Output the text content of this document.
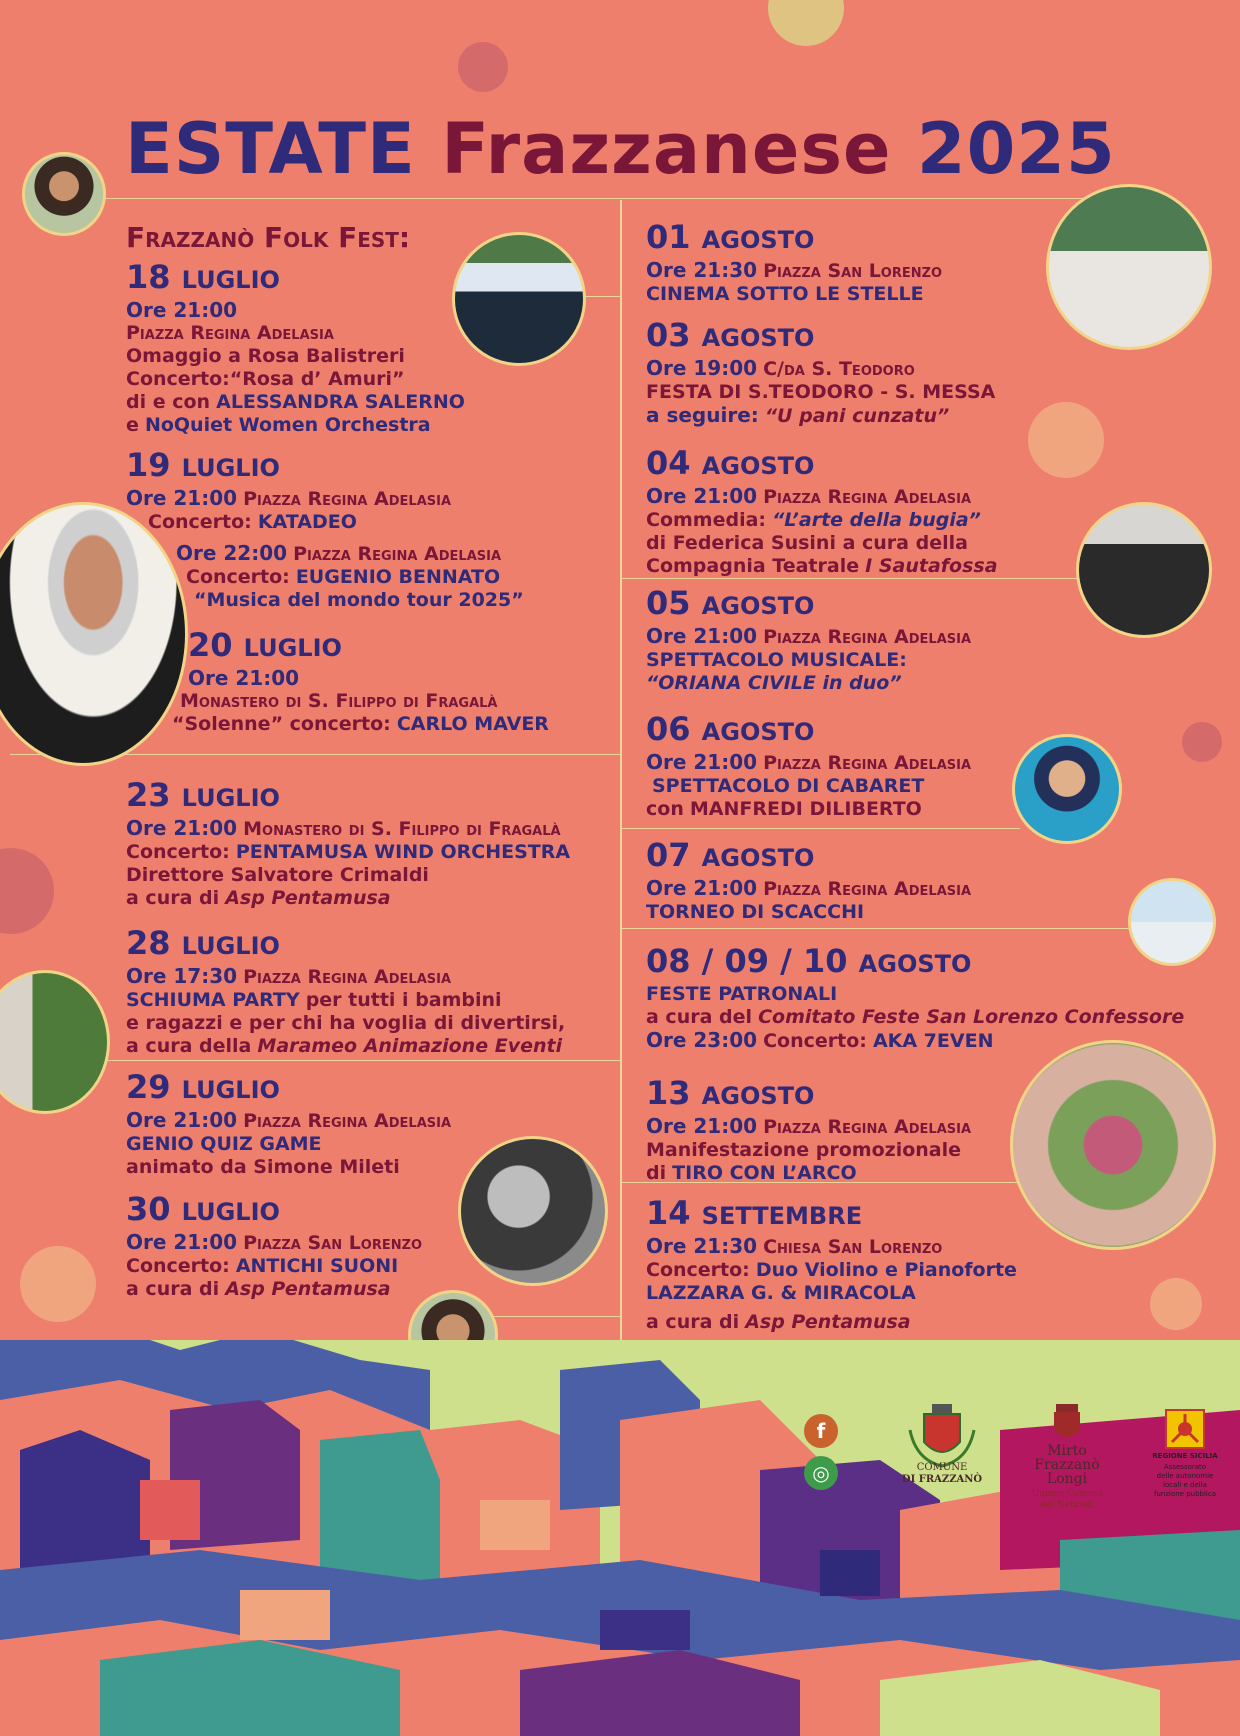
ESTATE Frazzanese 2025
Frazzanò Folk Fest:
18 LUGLIO
Ore 21:00
Piazza Regina Adelasia
Omaggio a Rosa Balistreri
Concerto:“Rosa d’ Amuri”
di e con ALESSANDRA SALERNO
e NoQuiet Women Orchestra
19 LUGLIO
Ore 21:00 Piazza Regina Adelasia
Concerto: KATADEO
Ore 22:00 Piazza Regina Adelasia
Concerto: EUGENIO BENNATO
“Musica del mondo tour 2025”
20 LUGLIO
Ore 21:00
Monastero di S. Filippo di Fragalà
“Solenne” concerto: CARLO MAVER
23 LUGLIO
Ore 21:00 Monastero di S. Filippo di Fragalà
Concerto: PENTAMUSA WIND ORCHESTRA
Direttore Salvatore Crimaldi
a cura di Asp Pentamusa
28 LUGLIO
Ore 17:30 Piazza Regina Adelasia
SCHIUMA PARTY per tutti i bambini
e ragazzi e per chi ha voglia di divertirsi,
a cura della Marameo Animazione Eventi
29 LUGLIO
Ore 21:00 Piazza Regina Adelasia
GENIO QUIZ GAME
animato da Simone Mileti
30 LUGLIO
Ore 21:00 Piazza San Lorenzo
Concerto: ANTICHI SUONI
a cura di Asp Pentamusa
01 AGOSTO
Ore 21:30 Piazza San Lorenzo
CINEMA SOTTO LE STELLE
03 AGOSTO
Ore 19:00 C/da S. Teodoro
FESTA DI S.TEODORO - S. MESSA
a seguire: “U pani cunzatu”
04 AGOSTO
Ore 21:00 Piazza Regina Adelasia
Commedia: “L’arte della bugia”
di Federica Susini a cura della
Compagnia Teatrale I Sautafossa
05 AGOSTO
Ore 21:00 Piazza Regina Adelasia
SPETTACOLO MUSICALE:
“ORIANA CIVILE in duo”
06 AGOSTO
Ore 21:00 Piazza Regina Adelasia
SPETTACOLO DI CABARET
con MANFREDI DILIBERTO
07 AGOSTO
Ore 21:00 Piazza Regina Adelasia
TORNEO DI SCACCHI
08 / 09 / 10 AGOSTO
FESTE PATRONALI
a cura del Comitato Feste San Lorenzo Confessore
Ore 23:00 Concerto: AKA 7EVEN
13 AGOSTO
Ore 21:00 Piazza Regina Adelasia
Manifestazione promozionale
di TIRO CON L’ARCO
14 SETTEMBRE
Ore 21:30 Chiesa San Lorenzo
Concerto: Duo Violino e Pianoforte
LAZZARA G. & MIRACOLA
a cura di Asp Pentamusa
f
◎	COMUNE
DI FRAZZANÒ
Mirto
Frazzanò
Longi
Unione Comuni
dei Nebrodi
REGIONE SICILIA
Assessorato
delle autonomie
locali e della
funzione pubblica
